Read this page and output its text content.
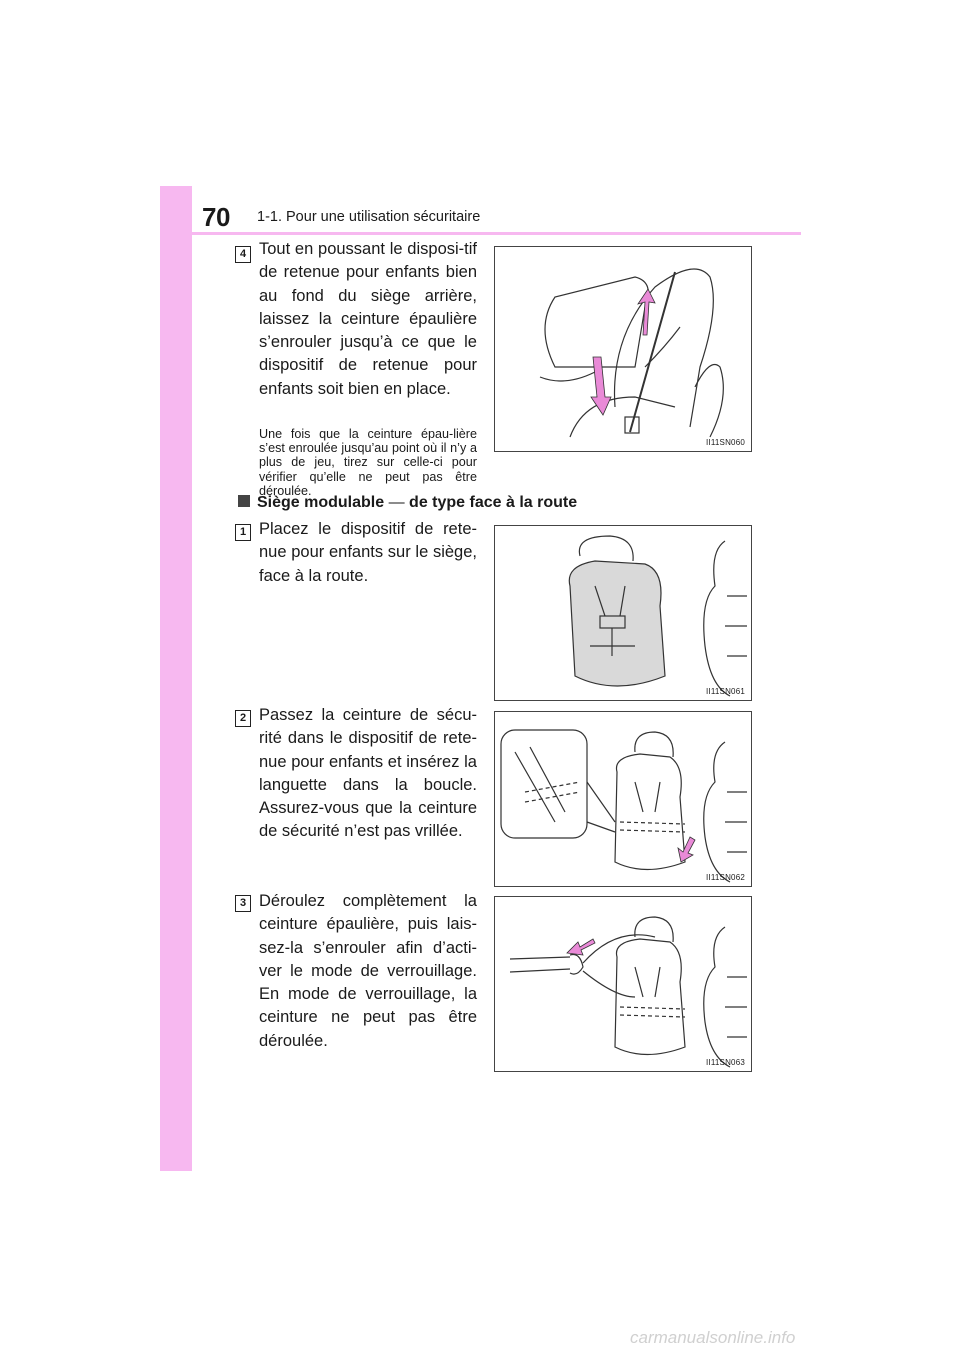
70 1-1. Pour une utilisation sécuritaire
4 Tout en poussant le disposi-tif de retenue pour enfants bien au fond du siège arrière, laissez la ceinture épaulière s’enrouler jusqu’à ce que le dispositif de retenue pour enfants soit bien en place.
Une fois que la ceinture épau-lière s’est enroulée jusqu’au point où il n’y a plus de jeu, tirez sur celle-ci pour vérifier qu’elle ne peut pas être déroulée.
II11SN060
Siège modulable — de type face à la route
1 Placez le dispositif de rete-nue pour enfants sur le siège, face à la route.
II11SN061
2 Passez la ceinture de sécu-rité dans le dispositif de rete-nue pour enfants et insérez la languette dans la boucle. Assurez-vous que la ceinture de sécurité n’est pas vrillée.
II11SN062
3 Déroulez complètement la ceinture épaulière, puis lais-sez-la s’enrouler afin d’acti-ver le mode de verrouillage. En mode de verrouillage, la ceinture ne peut pas être déroulée.
II11SN063
carmanualsonline.info
